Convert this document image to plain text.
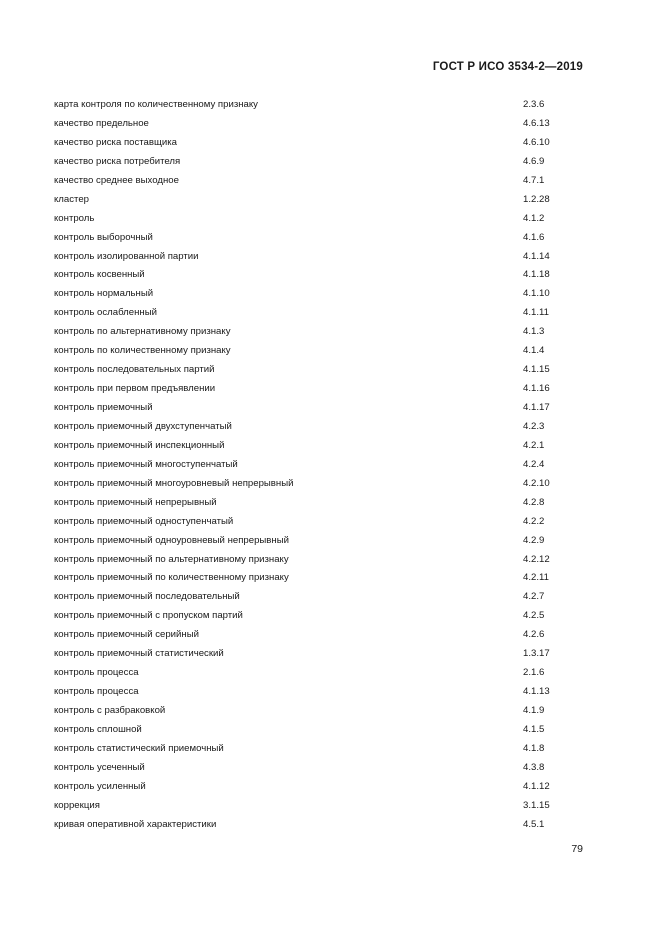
ГОСТ Р ИСО 3534-2—2019
карта контроля по количественному признаку	2.3.6
качество предельное	4.6.13
качество риска поставщика	4.6.10
качество риска потребителя	4.6.9
качество среднее выходное	4.7.1
кластер	1.2.28
контроль	4.1.2
контроль выборочный	4.1.6
контроль изолированной партии	4.1.14
контроль косвенный	4.1.18
контроль нормальный	4.1.10
контроль ослабленный	4.1.11
контроль по альтернативному признаку	4.1.3
контроль по количественному признаку	4.1.4
контроль последовательных партий	4.1.15
контроль при первом предъявлении	4.1.16
контроль приемочный	4.1.17
контроль приемочный двухступенчатый	4.2.3
контроль приемочный инспекционный	4.2.1
контроль приемочный многоступенчатый	4.2.4
контроль приемочный многоуровневый непрерывный	4.2.10
контроль приемочный непрерывный	4.2.8
контроль приемочный одноступенчатый	4.2.2
контроль приемочный одноуровневый непрерывный	4.2.9
контроль приемочный по альтернативному признаку	4.2.12
контроль приемочный по количественному признаку	4.2.11
контроль приемочный последовательный	4.2.7
контроль приемочный с пропуском партий	4.2.5
контроль приемочный серийный	4.2.6
контроль приемочный статистический	1.3.17
контроль процесса	2.1.6
контроль процесса	4.1.13
контроль с разбраковкой	4.1.9
контроль сплошной	4.1.5
контроль статистический приемочный	4.1.8
контроль усеченный	4.3.8
контроль усиленный	4.1.12
коррекция	3.1.15
кривая оперативной характеристики	4.5.1
79
